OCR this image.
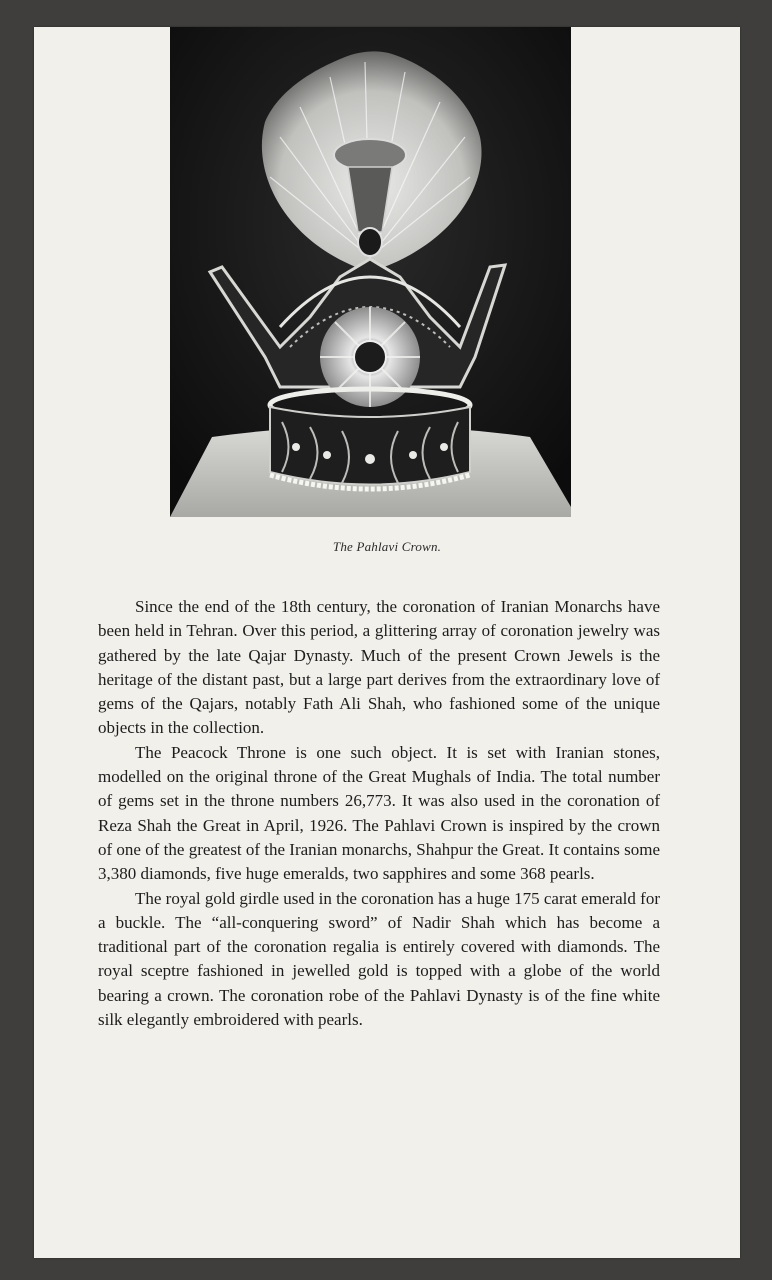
The Pahlavi Crown.

Since the end of the 18th century, the coronation of Iranian Monarchs have been held in Tehran. Over this period, a glittering array of coronation jewelry was gathered by the late Qajar Dynasty. Much of the present Crown Jewels is the heritage of the distant past, but a large part derives from the extraordinary love of gems of the Qajars, notably Fath Ali Shah, who fashioned some of the unique objects in the collection.

The Peacock Throne is one such object. It is set with Iranian stones, modelled on the original throne of the Great Mughals of India. The total number of gems set in the throne numbers 26,773. It was also used in the coronation of Reza Shah the Great in April, 1926. The Pahlavi Crown is inspired by the crown of one of the greatest of the Iranian monarchs, Shahpur the Great. It contains some 3,380 diamonds, five huge emeralds, two sapphires and some 368 pearls.

The royal gold girdle used in the coronation has a huge 175 carat emerald for a buckle. The “all-conquering sword” of Nadir Shah which has become a traditional part of the coronation regalia is entirely covered with diamonds. The royal sceptre fashioned in jewelled gold is topped with a globe of the world bearing a crown. The coronation robe of the Pahlavi Dynasty is of the fine white silk elegantly embroidered with pearls.
